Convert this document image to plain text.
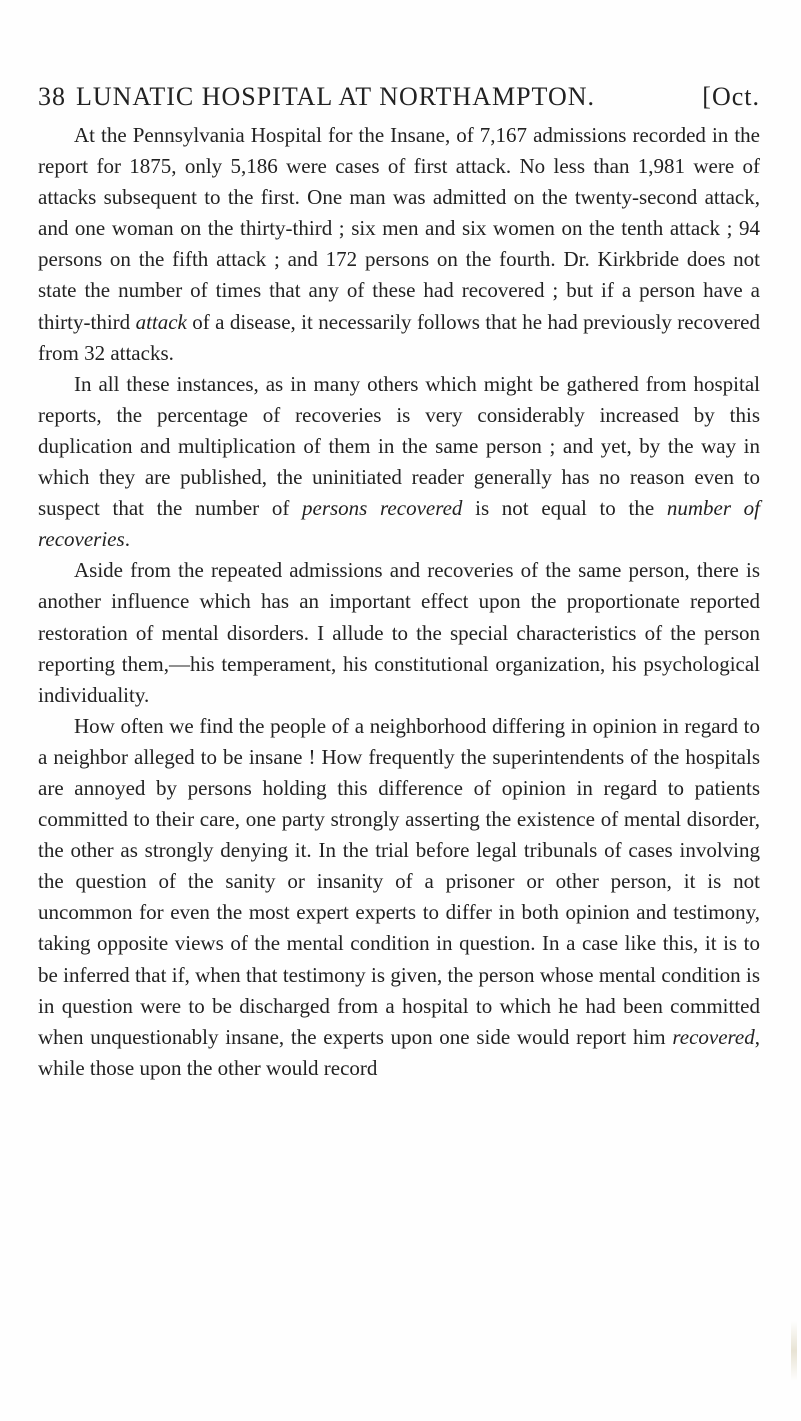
38 LUNATIC HOSPITAL AT NORTHAMPTON.	[Oct.

At the Pennsylvania Hospital for the Insane, of 7,167 admissions recorded in the report for 1875, only 5,186 were cases of first attack. No less than 1,981 were of attacks subsequent to the first. One man was admitted on the twenty-second attack, and one woman on the thirty-third ; six men and six women on the tenth attack ; 94 persons on the fifth attack ; and 172 persons on the fourth. Dr. Kirkbride does not state the number of times that any of these had recovered ; but if a person have a thirty-third attack of a disease, it necessarily follows that he had previously recovered from 32 attacks.

In all these instances, as in many others which might be gathered from hospital reports, the percentage of recoveries is very considerably increased by this duplication and multiplication of them in the same person ; and yet, by the way in which they are published, the uninitiated reader generally has no reason even to suspect that the number of persons recovered is not equal to the number of recoveries.

Aside from the repeated admissions and recoveries of the same person, there is another influence which has an important effect upon the proportionate reported restoration of mental disorders. I allude to the special characteristics of the person reporting them,—his temperament, his constitutional organization, his psychological individuality.

How often we find the people of a neighborhood differing in opinion in regard to a neighbor alleged to be insane ! How frequently the superintendents of the hospitals are annoyed by persons holding this difference of opinion in regard to patients committed to their care, one party strongly asserting the existence of mental disorder, the other as strongly denying it. In the trial before legal tribunals of cases involving the question of the sanity or insanity of a prisoner or other person, it is not uncommon for even the most expert experts to differ in both opinion and testimony, taking opposite views of the mental condition in question. In a case like this, it is to be inferred that if, when that testimony is given, the person whose mental condition is in question were to be discharged from a hospital to which he had been committed when unquestionably insane, the experts upon one side would report him recovered, while those upon the other would record
